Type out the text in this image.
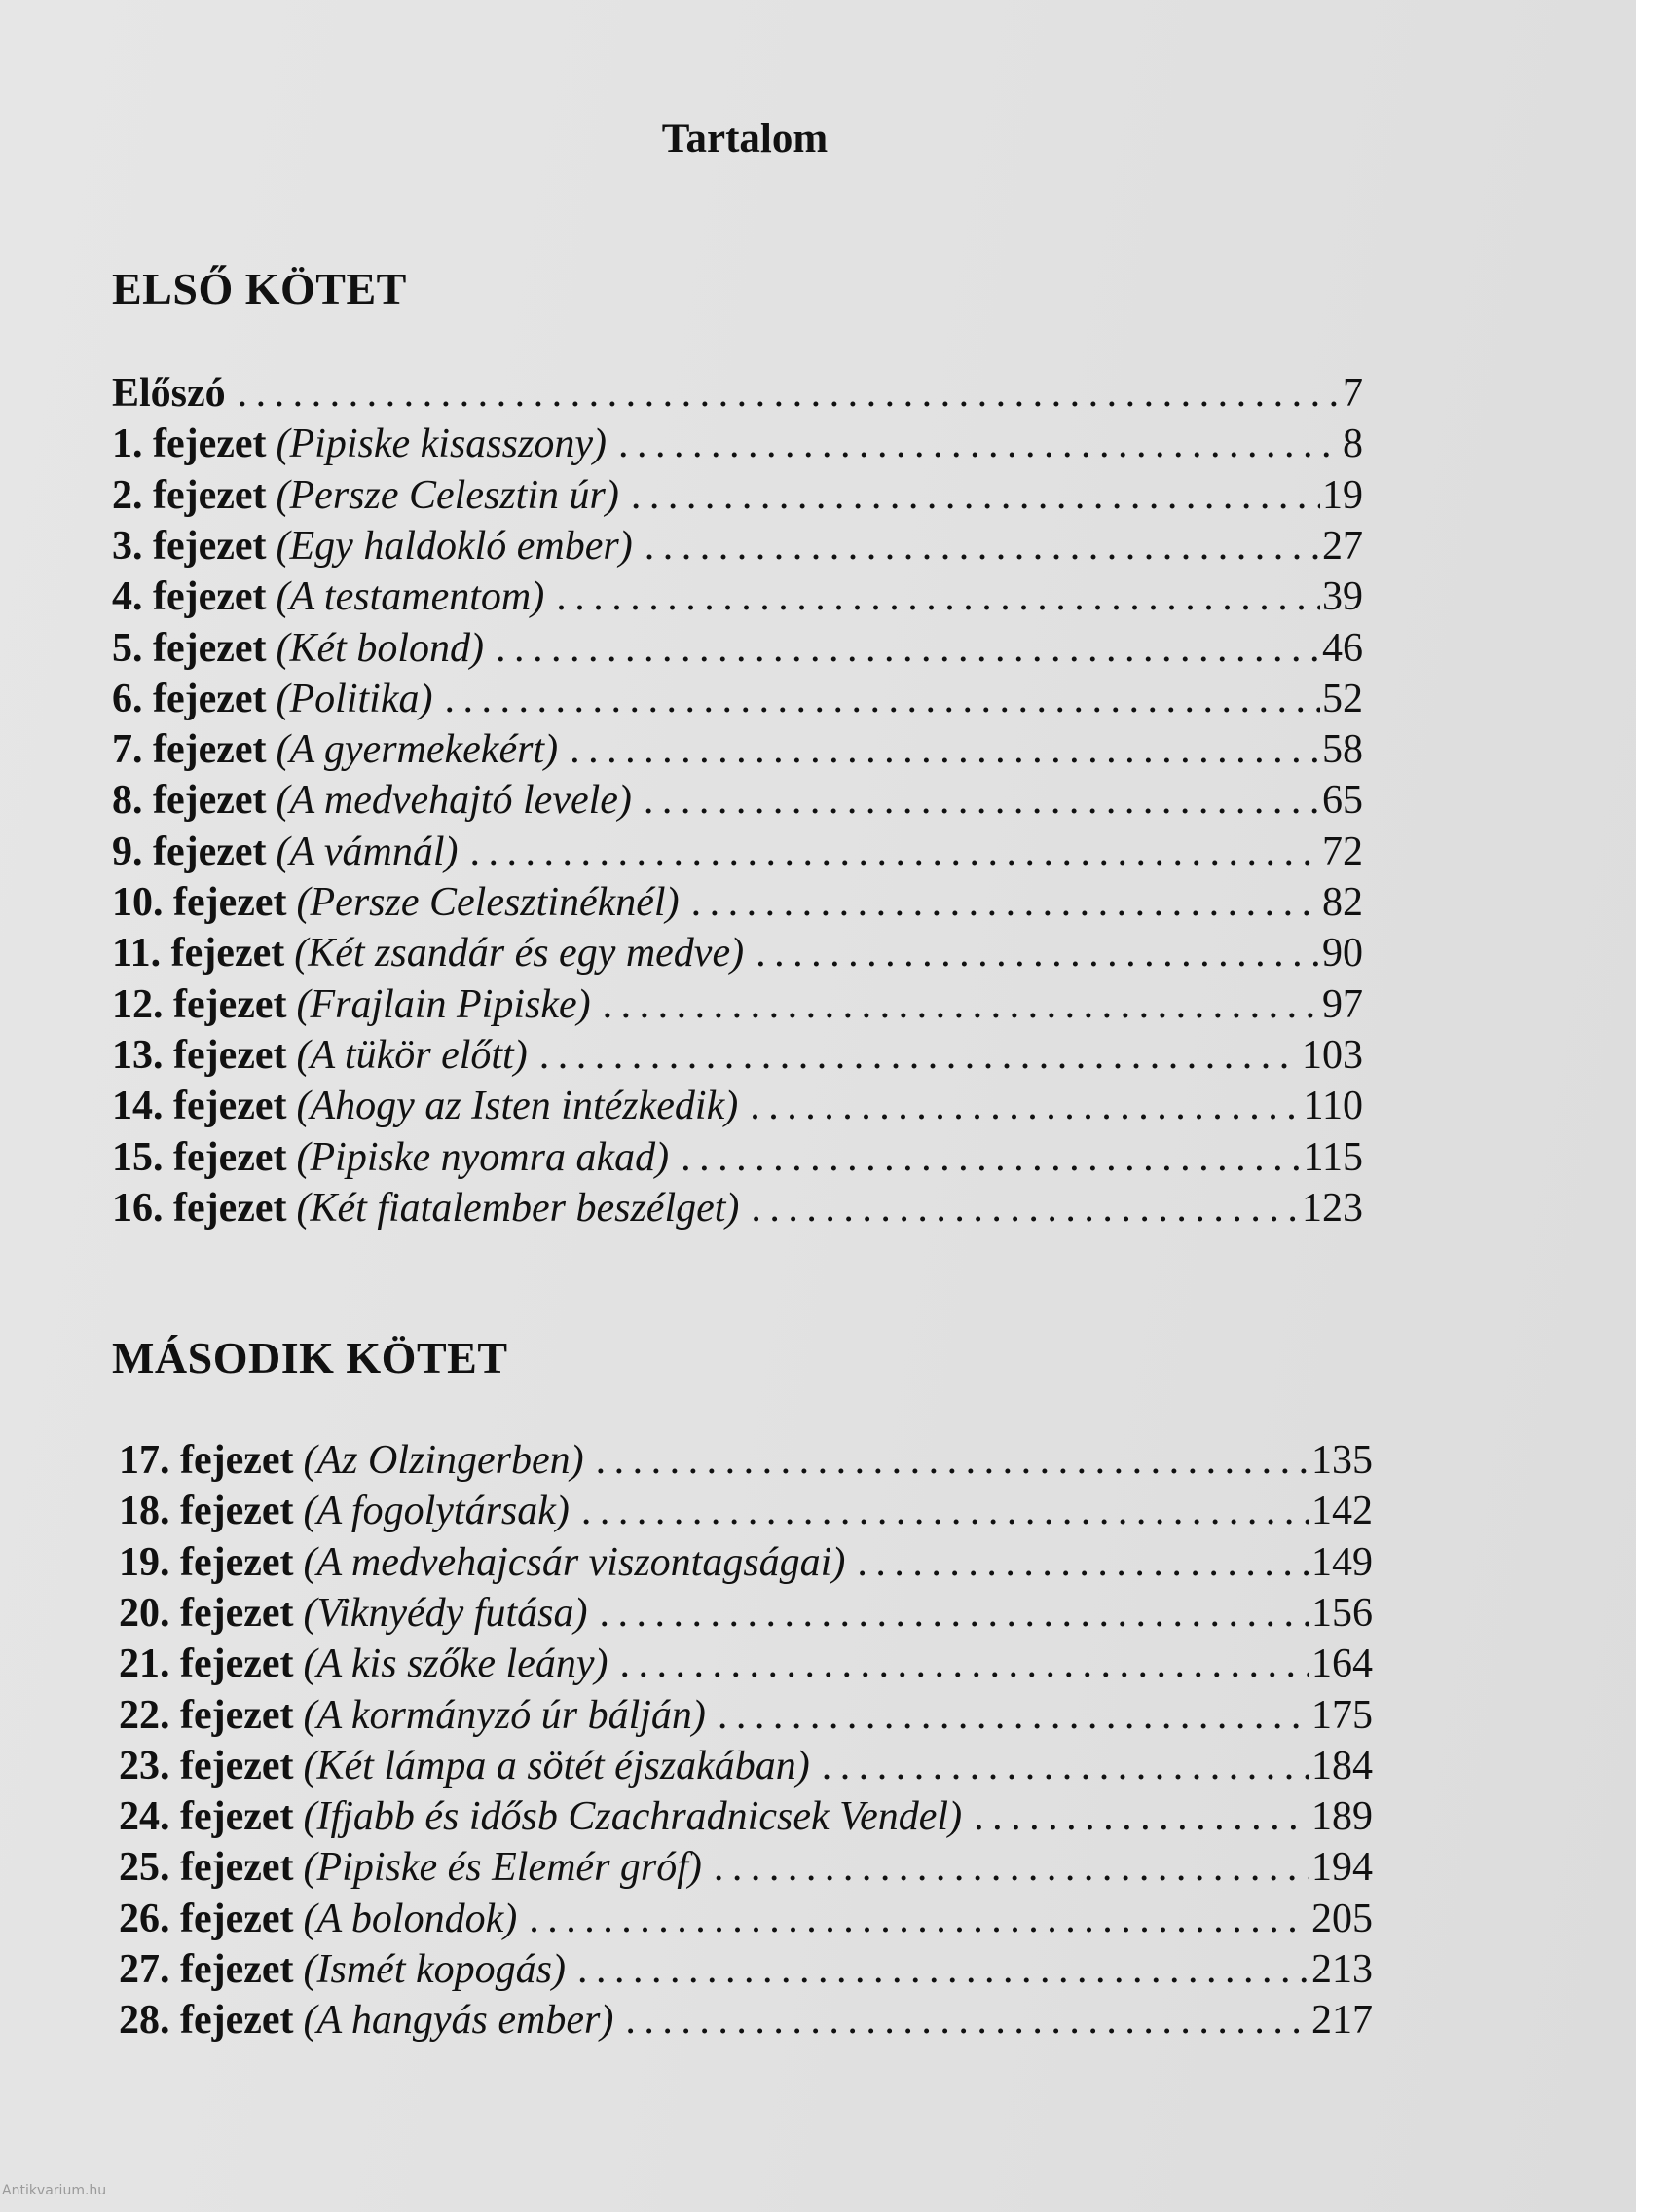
Tartalom
ELSŐ KÖTET
Előszó . . .	7
1. fejezet (Pipiske kisasszony) . . .	8
2. fejezet (Persze Celesztin úr) . . .	19
3. fejezet (Egy haldokló ember) . . .	27
4. fejezet (A testamentom) . . .	39
5. fejezet (Két bolond) . . .	46
6. fejezet (Politika) . . .	52
7. fejezet (A gyermekekért) . . .	58
8. fejezet (A medvehajtó levele) . . .	65
9. fejezet (A vámnál) . . .	72
10. fejezet (Persze Celesztinéknél) . . .	82
11. fejezet (Két zsandár és egy medve) . . .	90
12. fejezet (Frajlain Pipiske) . . .	97
13. fejezet (A tükör előtt) . . .	103
14. fejezet (Ahogy az Isten intézkedik) . . .	110
15. fejezet (Pipiske nyomra akad) . . .	115
16. fejezet (Két fiatalember beszélget) . . .	123
MÁSODIK KÖTET
17. fejezet (Az Olzingerben) . . .	135
18. fejezet (A fogolytársak) . . .	142
19. fejezet (A medvehajcsár viszontagságai) . . .	149
20. fejezet (Viknyédy futása) . . .	156
21. fejezet (A kis szőke leány) . . .	164
22. fejezet (A kormányzó úr bálján) . . .	175
23. fejezet (Két lámpa a sötét éjszakában) . . .	184
24. fejezet (Ifjabb és idősb Czachradnicsek Vendel) . . .	189
25. fejezet (Pipiske és Elemér gróf) . . .	194
26. fejezet (A bolondok) . . .	205
27. fejezet (Ismét kopogás) . . .	213
28. fejezet (A hangyás ember) . . .	217
Antikvarium.hu
